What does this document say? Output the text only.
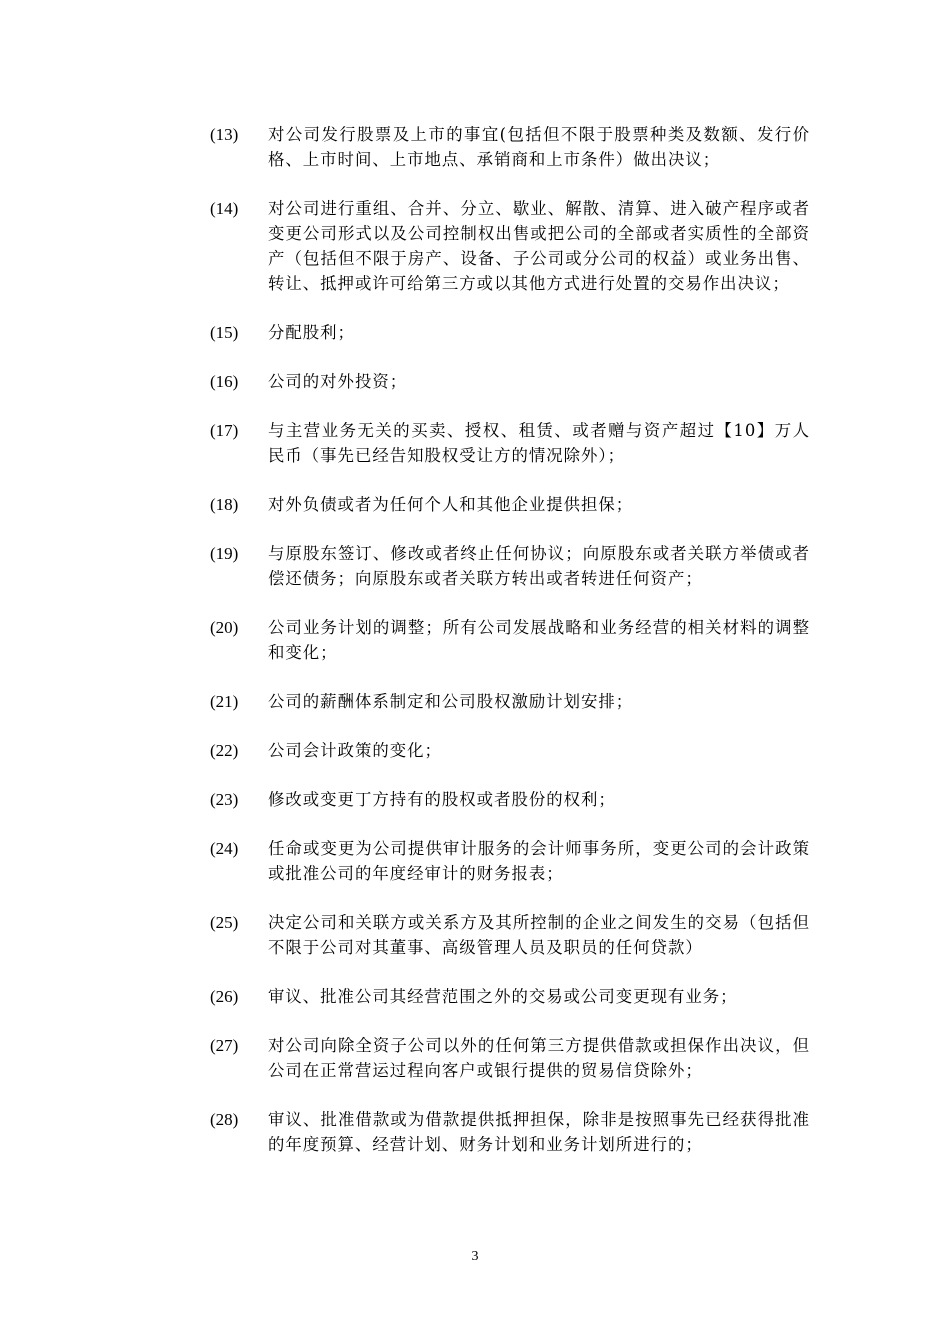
(13)	对公司发行股票及上市的事宜(包括但不限于股票种类及数额、发行价格、上市时间、上市地点、承销商和上市条件）做出决议；
(14)	对公司进行重组、合并、分立、歇业、解散、清算、进入破产程序或者变更公司形式以及公司控制权出售或把公司的全部或者实质性的全部资产（包括但不限于房产、设备、子公司或分公司的权益）或业务出售、转让、抵押或许可给第三方或以其他方式进行处置的交易作出决议；
(15)	分配股利；
(16)	公司的对外投资；
(17)	与主营业务无关的买卖、授权、租赁、或者赠与资产超过【10】万人民币（事先已经告知股权受让方的情况除外）；
(18)	对外负债或者为任何个人和其他企业提供担保；
(19)	与原股东签订、修改或者终止任何协议；向原股东或者关联方举债或者偿还债务；向原股东或者关联方转出或者转进任何资产；
(20)	公司业务计划的调整；所有公司发展战略和业务经营的相关材料的调整和变化；
(21)	公司的薪酬体系制定和公司股权激励计划安排；
(22)	公司会计政策的变化；
(23)	修改或变更丁方持有的股权或者股份的权利；
(24)	任命或变更为公司提供审计服务的会计师事务所，变更公司的会计政策或批准公司的年度经审计的财务报表；
(25)	决定公司和关联方或关系方及其所控制的企业之间发生的交易（包括但不限于公司对其董事、高级管理人员及职员的任何贷款）
(26)	审议、批准公司其经营范围之外的交易或公司变更现有业务；
(27)	对公司向除全资子公司以外的任何第三方提供借款或担保作出决议，但公司在正常营运过程向客户或银行提供的贸易信贷除外；
(28)	审议、批准借款或为借款提供抵押担保，除非是按照事先已经获得批准的年度预算、经营计划、财务计划和业务计划所进行的；
3
